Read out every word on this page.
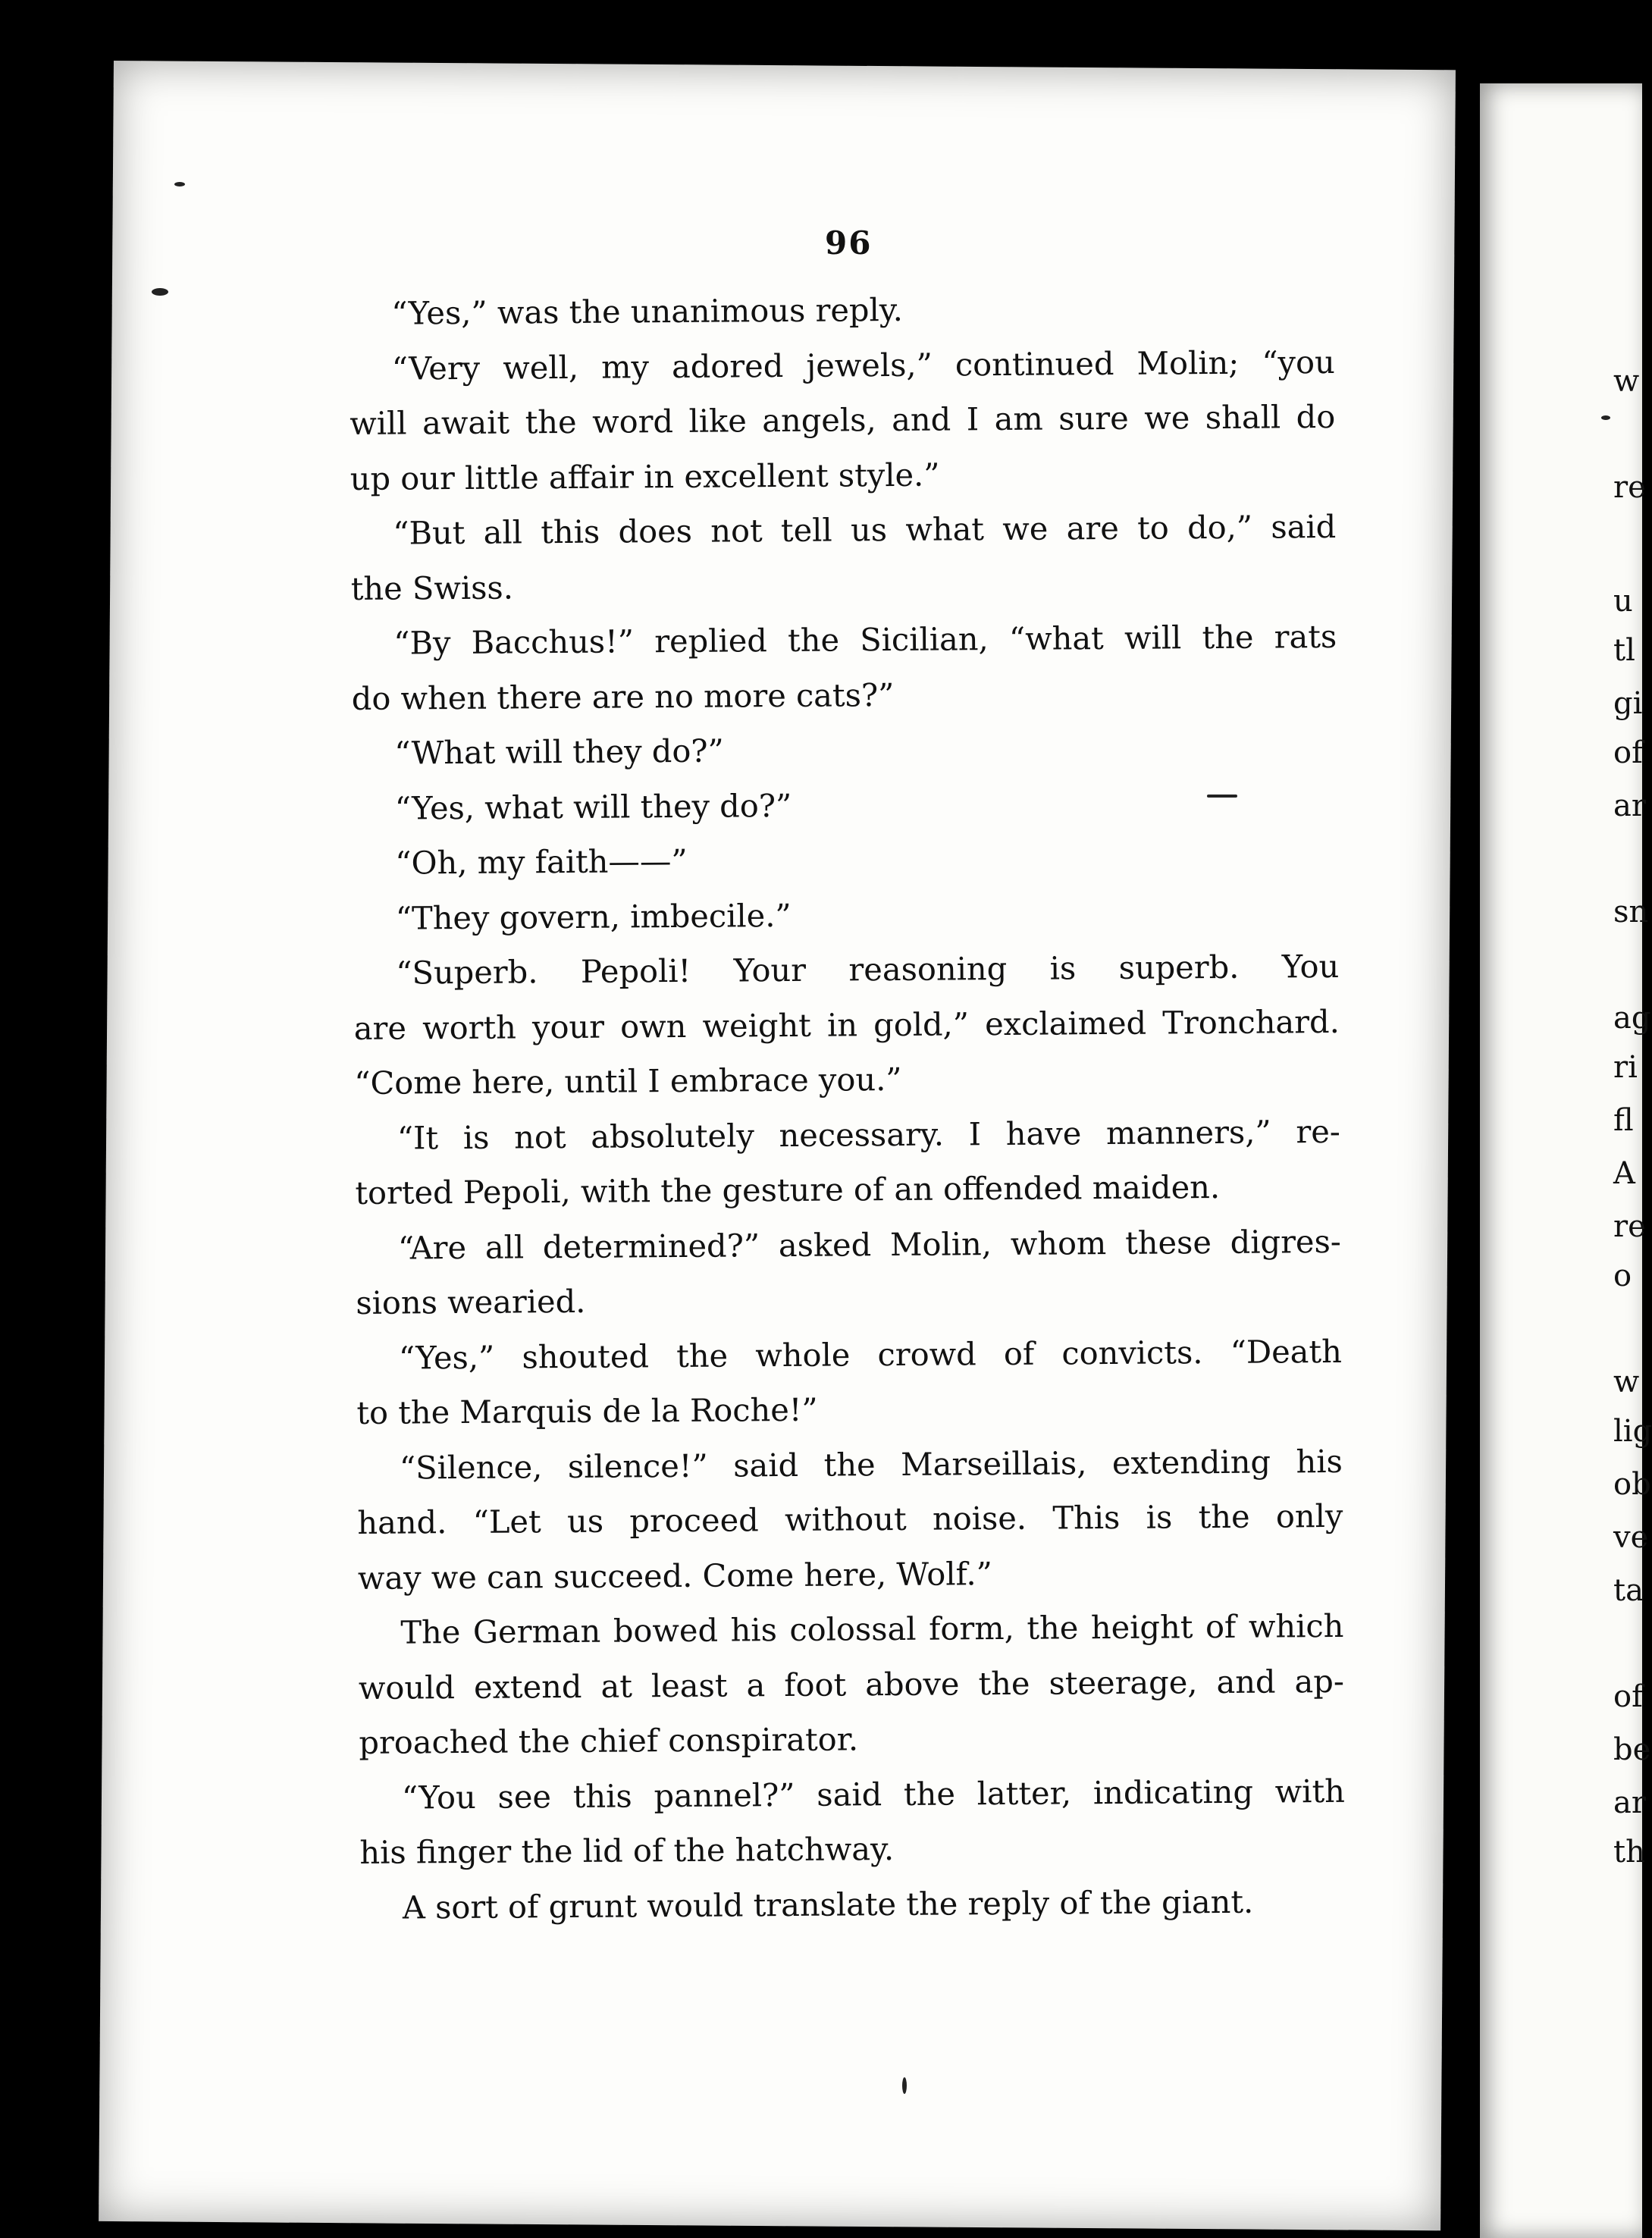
96
“Yes,” was the unanimous reply.
“Very well, my adored jewels,” continued Molin; “you
will await the word like angels, and I am sure we shall do
up our little affair in excellent style.”
“But all this does not tell us what we are to do,” said
the Swiss.
“By Bacchus!” replied the Sicilian, “what will the rats
do when there are no more cats?”
“What will they do?”
“Yes, what will they do?”
“Oh, my faith——”
“They govern, imbecile.”
“Superb. Pepoli! Your reasoning is superb. You
are worth your own weight in gold,” exclaimed Tronchard.
“Come here, until I embrace you.”
“It is not absolutely necessary. I have manners,” re-
torted Pepoli, with the gesture of an offended maiden.
“Are all determined?” asked Molin, whom these digres-
sions wearied.
“Yes,” shouted the whole crowd of convicts. “Death
to the Marquis de la Roche!”
“Silence, silence!” said the Marseillais, extending his
hand. “Let us proceed without noise. This is the only
way we can succeed. Come here, Wolf.”
The German bowed his colossal form, the height of which
would extend at least a foot above the steerage, and ap-
proached the chief conspirator.
“You see this pannel?” said the latter, indicating with
his finger the lid of the hatchway.
A sort of grunt would translate the reply of the giant.
w
re
u
tl
gi
of
ar
sn
ag
ri
fl
A
re
o
w
lig
ob
ve
ta
of
be
ar
th
